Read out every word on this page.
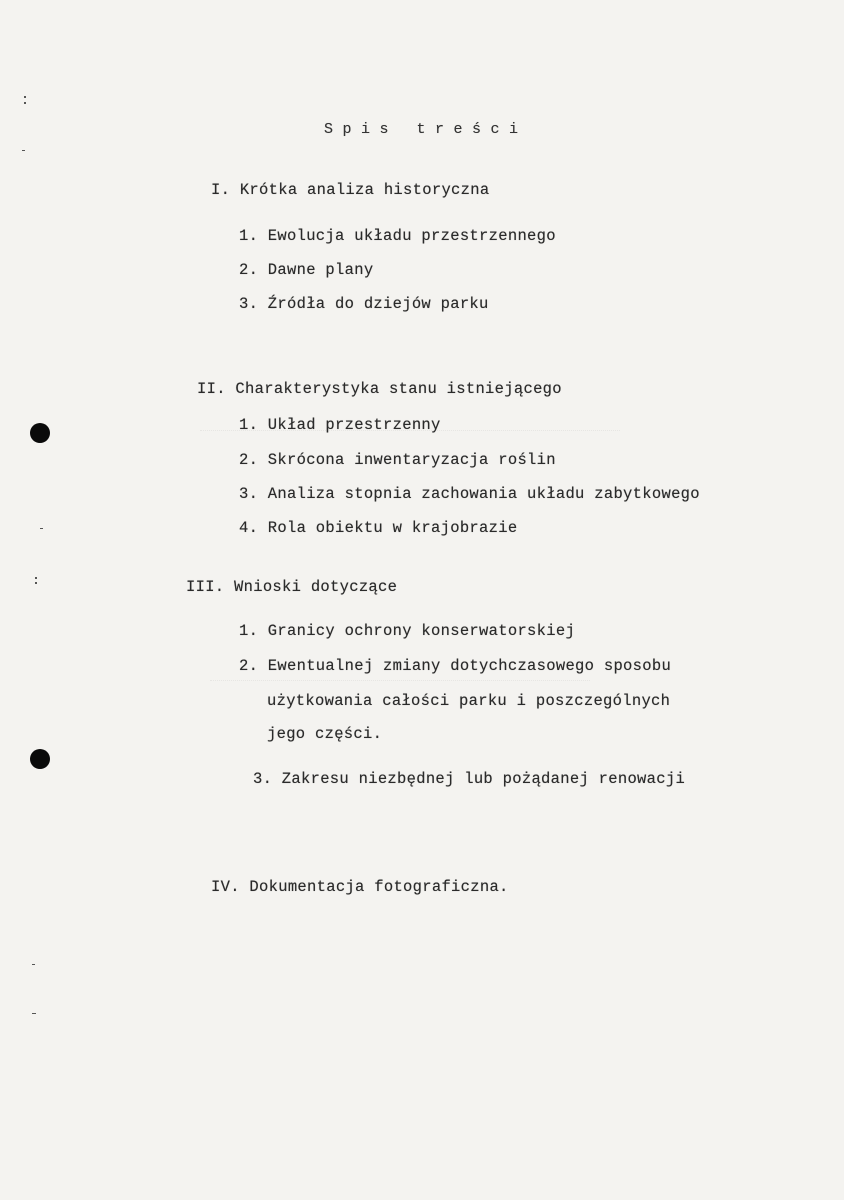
Spis treści
I. Krótka analiza historyczna
1. Ewolucja układu przestrzennego
2. Dawne plany
3. Źródła do dziejów parku
II. Charakterystyka stanu istniejącego
1. Układ przestrzenny
2. Skrócona inwentaryzacja roślin
3. Analiza stopnia zachowania układu zabytkowego
4. Rola obiektu w krajobrazie
III. Wnioski dotyczące
1. Granicy ochrony konserwatorskiej
2. Ewentualnej zmiany dotychczasowego sposobu
użytkowania całości parku i poszczególnych
jego części.
3. Zakresu niezbędnej lub pożądanej renowacji
IV. Dokumentacja fotograficzna.
